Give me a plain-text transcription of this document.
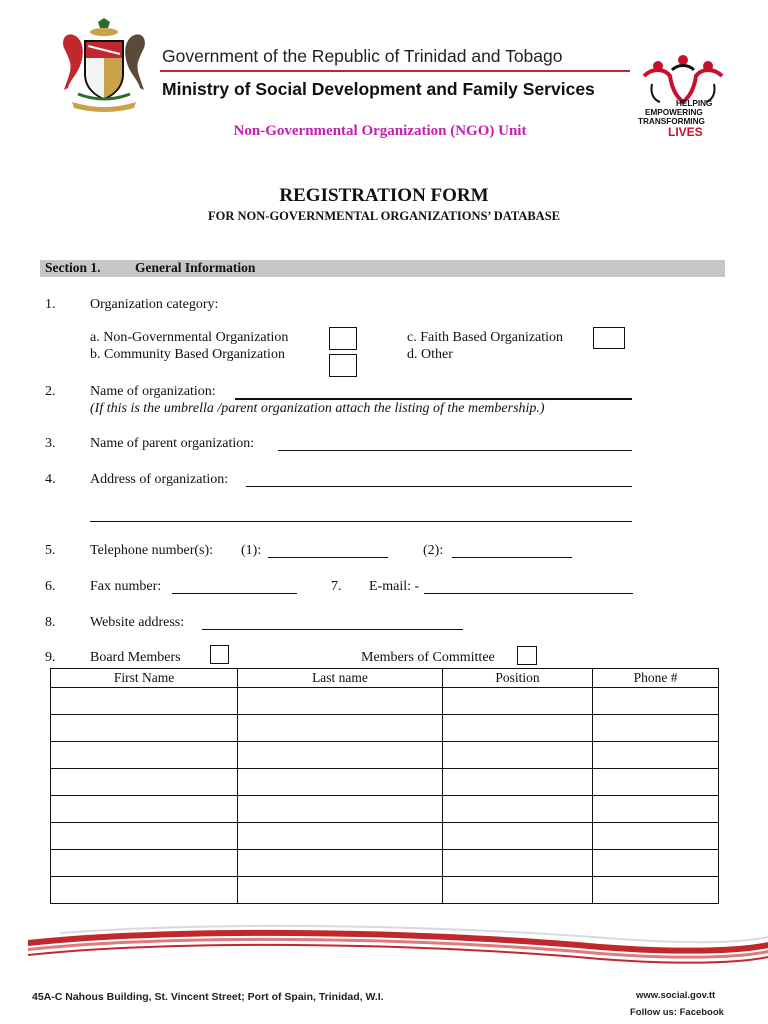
Government of the Republic of Trinidad and Tobago
Ministry of Social Development and Family Services
Non-Governmental Organization (NGO) Unit
HELPING
EMPOWERING
TRANSFORMING
LIVES
REGISTRATION FORM
FOR NON-GOVERNMENTAL ORGANIZATIONS’ DATABASE
Section 1.	General Information
1. Organization category:
a. Non-Governmental Organization
b. Community Based Organization
c. Faith Based Organization
d. Other
2. Name of organization:
(If this is the umbrella /parent organization attach the listing of the membership.)
3. Name of parent organization:
4. Address of organization:
5. Telephone number(s): (1):	(2):
6. Fax number:	7. E-mail: -
8. Website address:
9. Board Members	Members of Committee
First Name	Last name	Position	Phone #

45A-C Nahous Building, St. Vincent Street; Port of Spain, Trinidad, W.I.	www.social.gov.tt
Follow us: Facebook
